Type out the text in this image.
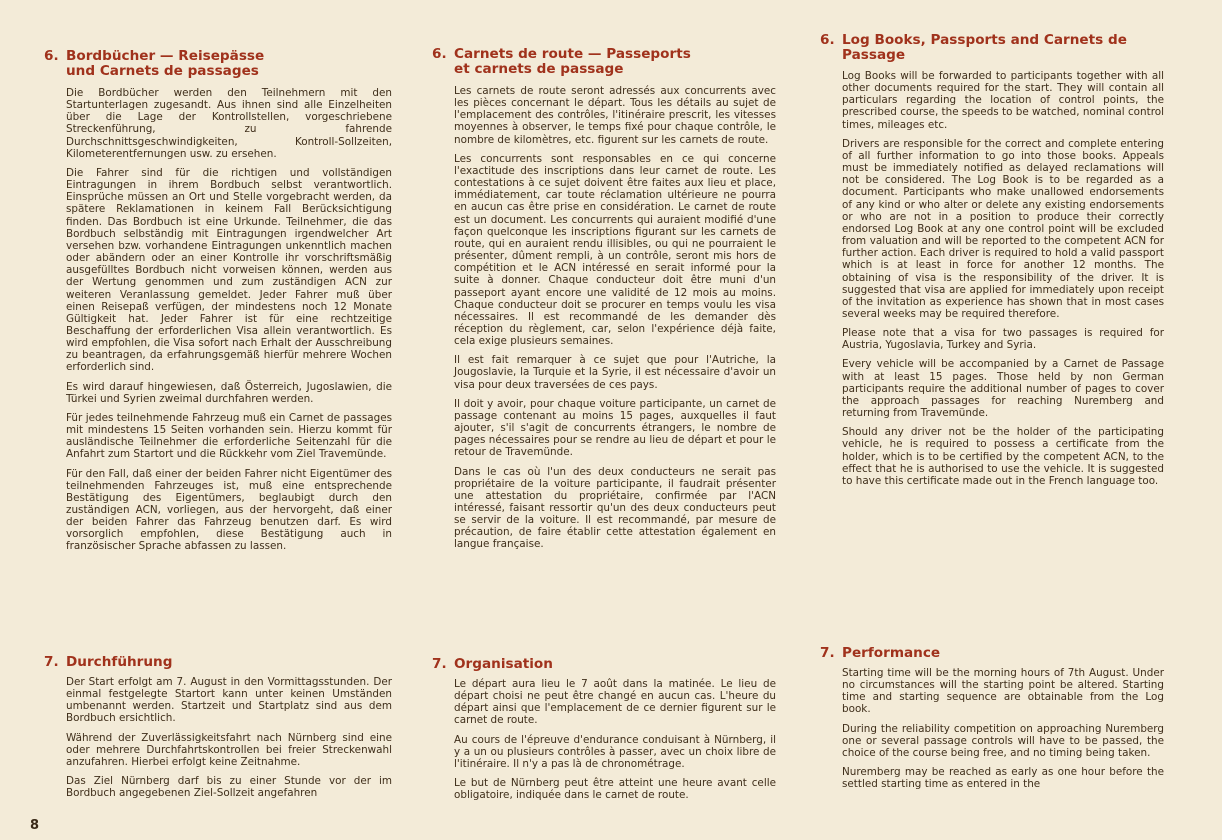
6. Bordbücher — Reisepässe
und Carnets de passages

Die Bordbücher werden den Teilnehmern mit den Startunterlagen zugesandt. Aus ihnen sind alle Einzelheiten über die Lage der Kontrollstellen, vorgeschriebene Streckenführung, zu fahrende Durchschnittsgeschwindigkeiten, Kontroll-Sollzeiten, Kilometerentfernungen usw. zu ersehen.

Die Fahrer sind für die richtigen und vollständigen Eintragungen in ihrem Bordbuch selbst verantwortlich. Einsprüche müssen an Ort und Stelle vorgebracht werden, da spätere Reklamationen in keinem Fall Berücksichtigung finden. Das Bordbuch ist eine Urkunde. Teilnehmer, die das Bordbuch selbständig mit Eintragungen irgendwelcher Art versehen bzw. vorhandene Eintragungen unkenntlich machen oder abändern oder an einer Kontrolle ihr vorschriftsmäßig ausgefülltes Bordbuch nicht vorweisen können, werden aus der Wertung genommen und zum zuständigen ACN zur weiteren Veranlassung gemeldet. Jeder Fahrer muß über einen Reisepaß verfügen, der mindestens noch 12 Monate Gültigkeit hat. Jeder Fahrer ist für eine rechtzeitige Beschaffung der erforderlichen Visa allein verantwortlich. Es wird empfohlen, die Visa sofort nach Erhalt der Ausschreibung zu beantragen, da erfahrungsgemäß hierfür mehrere Wochen erforderlich sind.

Es wird darauf hingewiesen, daß Österreich, Jugoslawien, die Türkei und Syrien zweimal durchfahren werden.

Für jedes teilnehmende Fahrzeug muß ein Carnet de passages mit mindestens 15 Seiten vorhanden sein. Hierzu kommt für ausländische Teilnehmer die erforderliche Seitenzahl für die Anfahrt zum Startort und die Rückkehr vom Ziel Travemünde.

Für den Fall, daß einer der beiden Fahrer nicht Eigentümer des teilnehmenden Fahrzeuges ist, muß eine entsprechende Bestätigung des Eigentümers, beglaubigt durch den zuständigen ACN, vorliegen, aus der hervorgeht, daß einer der beiden Fahrer das Fahrzeug benutzen darf. Es wird vorsorglich empfohlen, diese Bestätigung auch in französischer Sprache abfassen zu lassen.

7. Durchführung

Der Start erfolgt am 7. August in den Vormittagsstunden. Der einmal festgelegte Startort kann unter keinen Umständen umbenannt werden. Startzeit und Startplatz sind aus dem Bordbuch ersichtlich.

Während der Zuverlässigkeitsfahrt nach Nürnberg sind eine oder mehrere Durchfahrtskontrollen bei freier Streckenwahl anzufahren. Hierbei erfolgt keine Zeitnahme.

Das Ziel Nürnberg darf bis zu einer Stunde vor der im Bordbuch angegebenen Ziel-Sollzeit angefahren

6. Carnets de route — Passeports
et carnets de passage

Les carnets de route seront adressés aux concurrents avec les pièces concernant le départ. Tous les détails au sujet de l'emplacement des contrôles, l'itinéraire prescrit, les vitesses moyennes à observer, le temps fixé pour chaque contrôle, le nombre de kilomètres, etc. figurent sur les carnets de route.

Les concurrents sont responsables en ce qui concerne l'exactitude des inscriptions dans leur carnet de route. Les contestations à ce sujet doivent être faites aux lieu et place, immédiatement, car toute réclamation ultérieure ne pourra en aucun cas être prise en considération. Le carnet de route est un document. Les concurrents qui auraient modifié d'une façon quelconque les inscriptions figurant sur les carnets de route, qui en auraient rendu illisibles, ou qui ne pourraient le présenter, dûment rempli, à un contrôle, seront mis hors de compétition et le ACN intéressé en serait informé pour la suite à donner. Chaque conducteur doit être muni d'un passeport ayant encore une validité de 12 mois au moins. Chaque conducteur doit se procurer en temps voulu les visa nécessaires. Il est recommandé de les demander dès réception du règlement, car, selon l'expérience déjà faite, cela exige plusieurs semaines.

Il est fait remarquer à ce sujet que pour l'Autriche, la Jougoslavie, la Turquie et la Syrie, il est nécessaire d'avoir un visa pour deux traversées de ces pays.

Il doit y avoir, pour chaque voiture participante, un carnet de passage contenant au moins 15 pages, auxquelles il faut ajouter, s'il s'agit de concurrents étrangers, le nombre de pages nécessaires pour se rendre au lieu de départ et pour le retour de Travemünde.

Dans le cas où l'un des deux conducteurs ne serait pas propriétaire de la voiture participante, il faudrait présenter une attestation du propriétaire, confirmée par l'ACN intéressé, faisant ressortir qu'un des deux conducteurs peut se servir de la voiture. Il est recommandé, par mesure de précaution, de faire établir cette attestation également en langue française.

7. Organisation

Le départ aura lieu le 7 août dans la matinée. Le lieu de départ choisi ne peut être changé en aucun cas. L'heure du départ ainsi que l'emplacement de ce dernier figurent sur le carnet de route.

Au cours de l'épreuve d'endurance conduisant à Nürnberg, il y a un ou plusieurs contrôles à passer, avec un choix libre de l'itinéraire. Il n'y a pas là de chronométrage.

Le but de Nürnberg peut être atteint une heure avant celle obligatoire, indiquée dans le carnet de route.

6. Log Books, Passports and Carnets de Passage

Log Books will be forwarded to participants together with all other documents required for the start. They will contain all particulars regarding the location of control points, the prescribed course, the speeds to be watched, nominal control times, mileages etc.

Drivers are responsible for the correct and complete entering of all further information to go into those books. Appeals must be immediately notified as delayed reclamations will not be considered. The Log Book is to be regarded as a document. Participants who make unallowed endorsements of any kind or who alter or delete any existing endorsements or who are not in a position to produce their correctly endorsed Log Book at any one control point will be excluded from valuation and will be reported to the competent ACN for further action. Each driver is required to hold a valid passport which is at least in force for another 12 months. The obtaining of visa is the responsibility of the driver. It is suggested that visa are applied for immediately upon receipt of the invitation as experience has shown that in most cases several weeks may be required therefore.

Please note that a visa for two passages is required for Austria, Yugoslavia, Turkey and Syria.

Every vehicle will be accompanied by a Carnet de Passage with at least 15 pages. Those held by non German participants require the additional number of pages to cover the approach passages for reaching Nuremberg and returning from Travemünde.

Should any driver not be the holder of the participating vehicle, he is required to possess a certificate from the holder, which is to be certified by the competent ACN, to the effect that he is authorised to use the vehicle. It is suggested to have this certificate made out in the French language too.

7. Performance

Starting time will be the morning hours of 7th August. Under no circumstances will the starting point be altered. Starting time and starting sequence are obtainable from the Log book.

During the reliability competition on approaching Nuremberg one or several passage controls will have to be passed, the choice of the course being free, and no timing being taken.

Nuremberg may be reached as early as one hour before the settled starting time as entered in the

8
